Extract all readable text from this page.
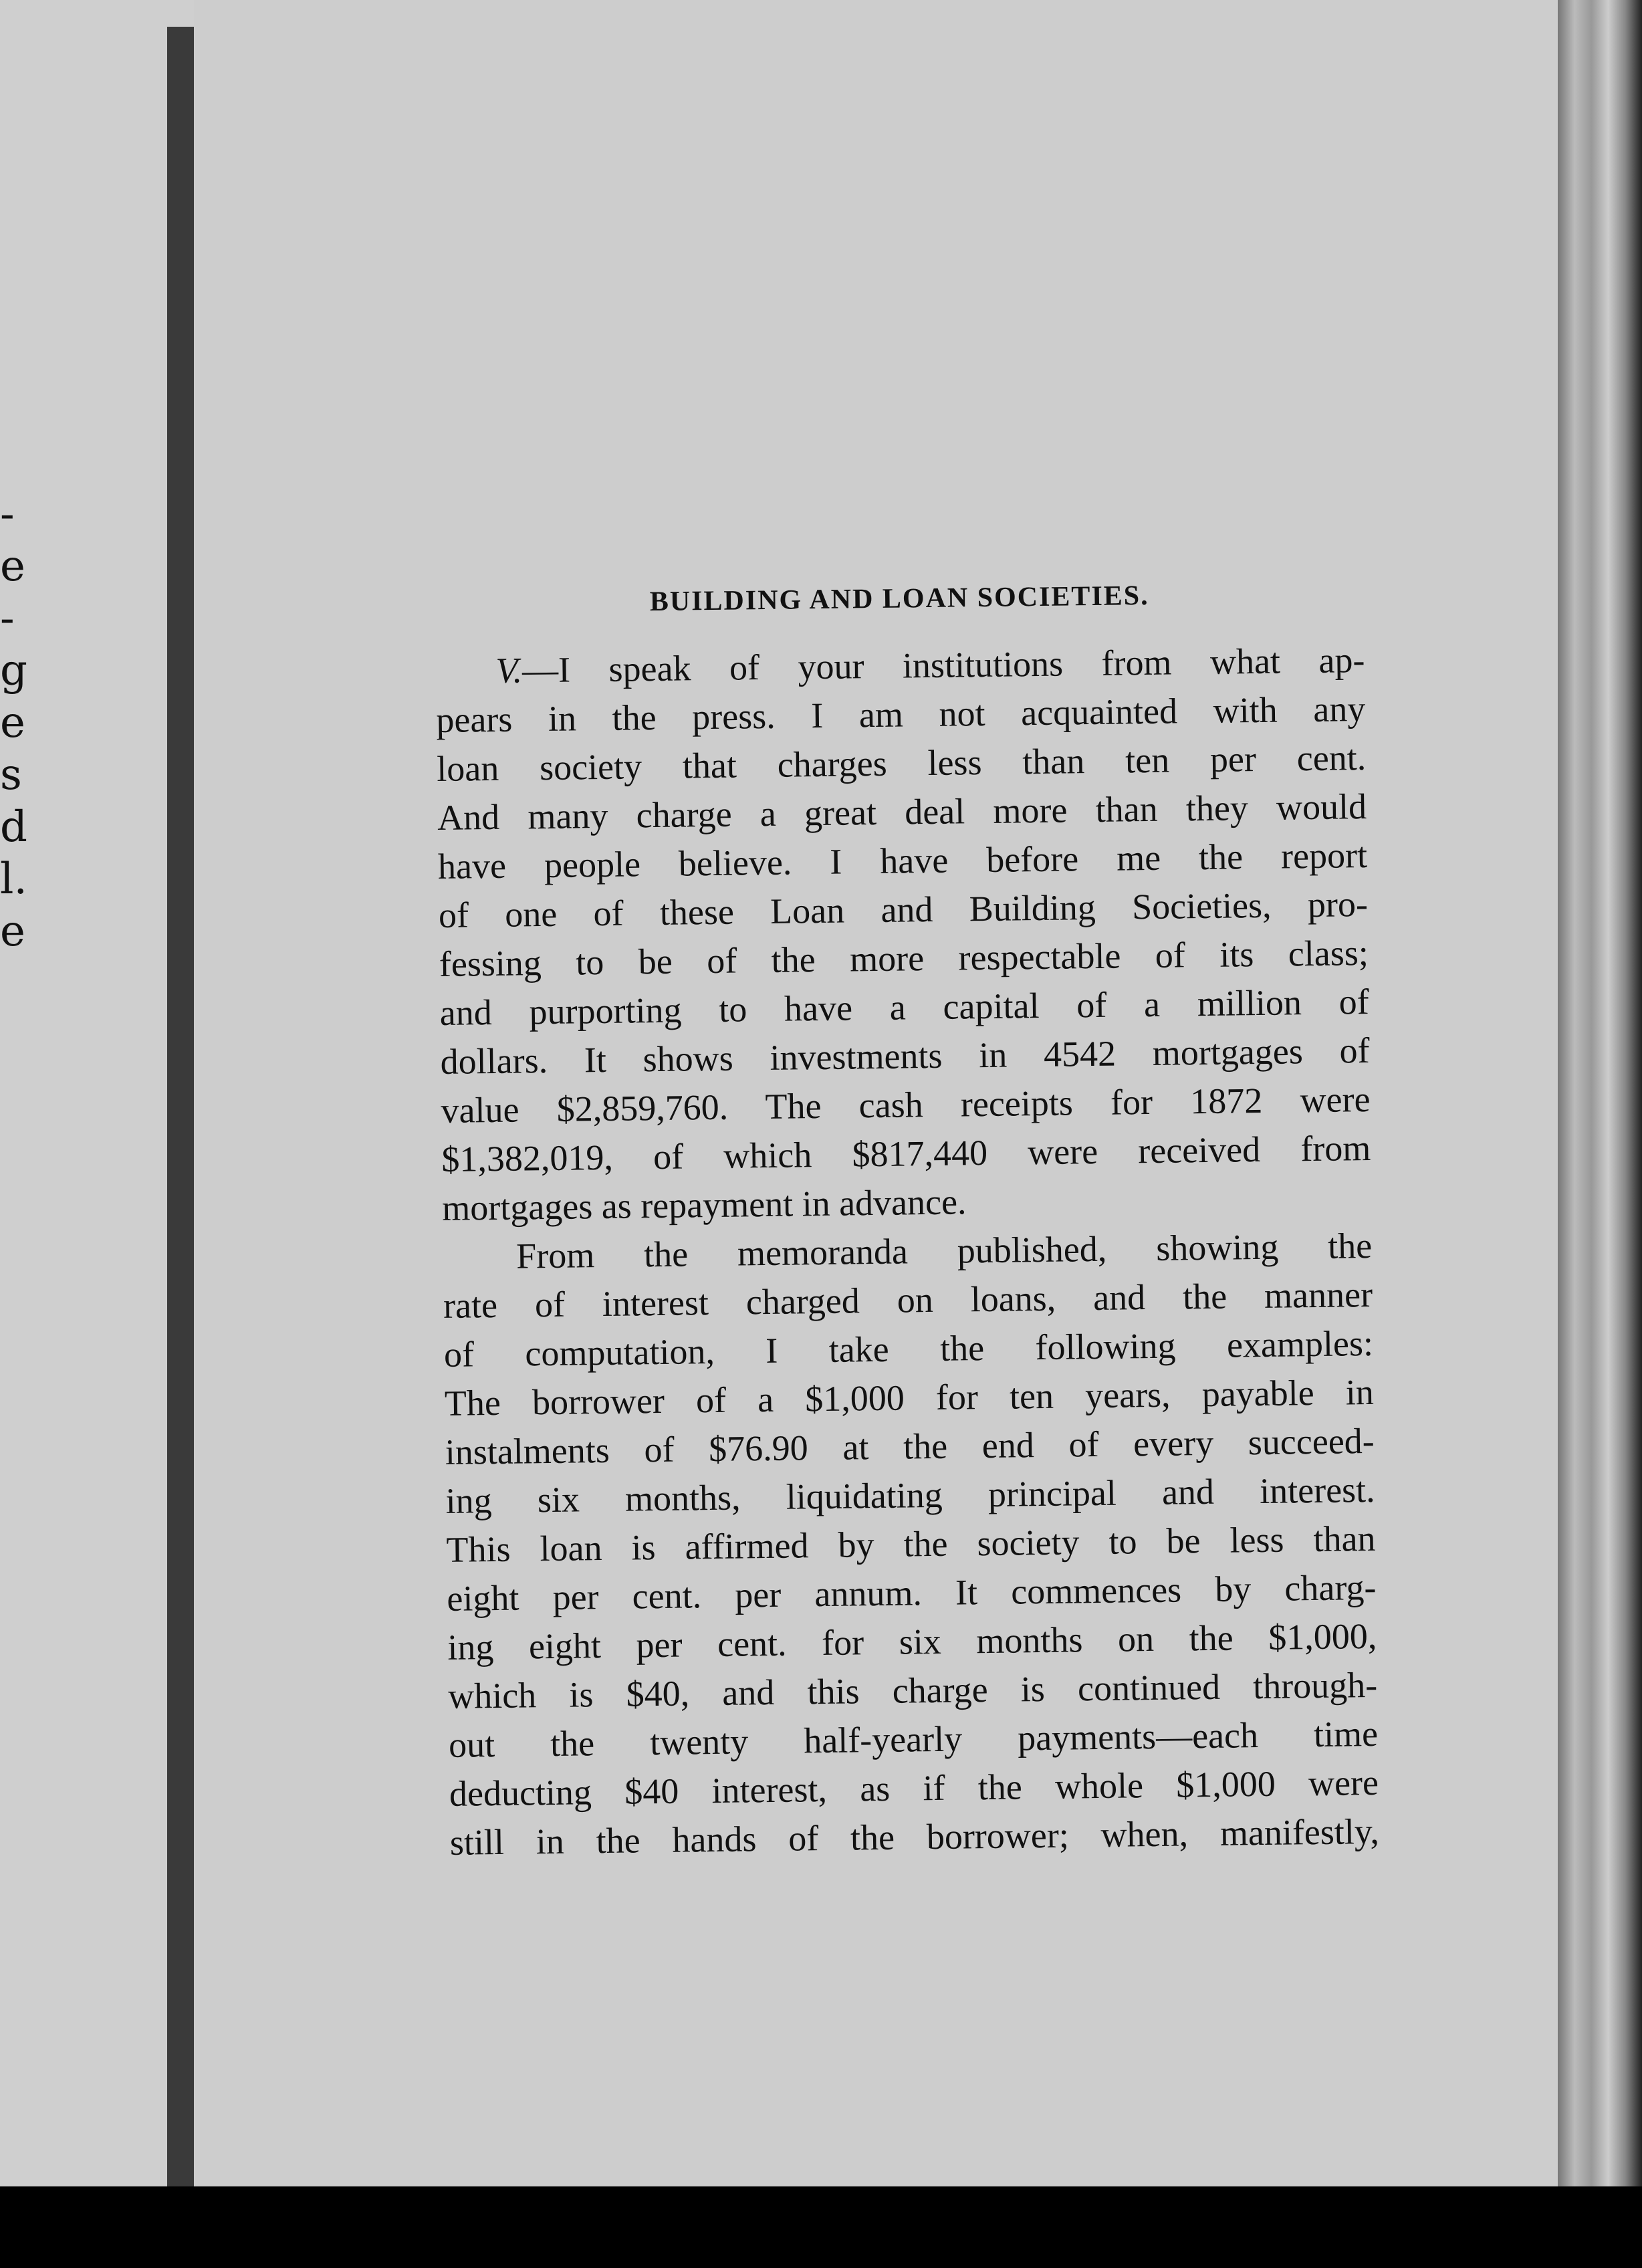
-
e
-
g
e
s
d
l.
e
BUILDING AND LOAN SOCIETIES.
V.—I speak of your institutions from what ap-
pears in the press. I am not acquainted with any
loan society that charges less than ten per cent.
And many charge a great deal more than they would
have people believe. I have before me the report
of one of these Loan and Building Societies, pro-
fessing to be of the more respectable of its class;
and purporting to have a capital of a million of
dollars. It shows investments in 4542 mortgages of
value $2,859,760. The cash receipts for 1872 were
$1,382,019, of which $817,440 were received from
mortgages as repayment in advance.
From the memoranda published, showing the
rate of interest charged on loans, and the manner
of computation, I take the following examples:
The borrower of a $1,000 for ten years, payable in
instalments of $76.90 at the end of every succeed-
ing six months, liquidating principal and interest.
This loan is affirmed by the society to be less than
eight per cent. per annum. It commences by charg-
ing eight per cent. for six months on the $1,000,
which is $40, and this charge is continued through-
out the twenty half-yearly payments—each time
deducting $40 interest, as if the whole $1,000 were
still in the hands of the borrower; when, manifestly,
